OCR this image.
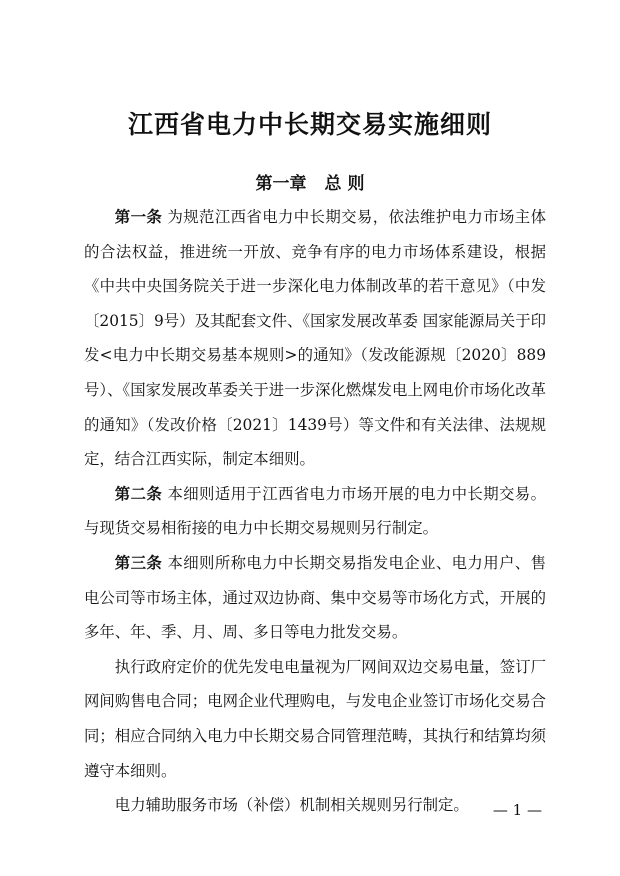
江西省电力中长期交易实施细则
第一章 总 则

第一条 为规范江西省电力中长期交易，依法维护电力市场主体的合法权益，推进统一开放、竞争有序的电力市场体系建设，根据《中共中央国务院关于进一步深化电力体制改革的若干意见》（中发〔2015〕9号）及其配套文件、《国家发展改革委 国家能源局关于印发<电力中长期交易基本规则>的通知》（发改能源规〔2020〕889号）、《国家发展改革委关于进一步深化燃煤发电上网电价市场化改革的通知》（发改价格〔2021〕1439号）等文件和有关法律、法规规定，结合江西实际，制定本细则。

第二条 本细则适用于江西省电力市场开展的电力中长期交易。与现货交易相衔接的电力中长期交易规则另行制定。

第三条 本细则所称电力中长期交易指发电企业、电力用户、售电公司等市场主体，通过双边协商、集中交易等市场化方式，开展的多年、年、季、月、周、多日等电力批发交易。

执行政府定价的优先发电电量视为厂网间双边交易电量，签订厂网间购售电合同；电网企业代理购电，与发电企业签订市场化交易合同；相应合同纳入电力中长期交易合同管理范畴，其执行和结算均须遵守本细则。

电力辅助服务市场（补偿）机制相关规则另行制定。	— 1 —
